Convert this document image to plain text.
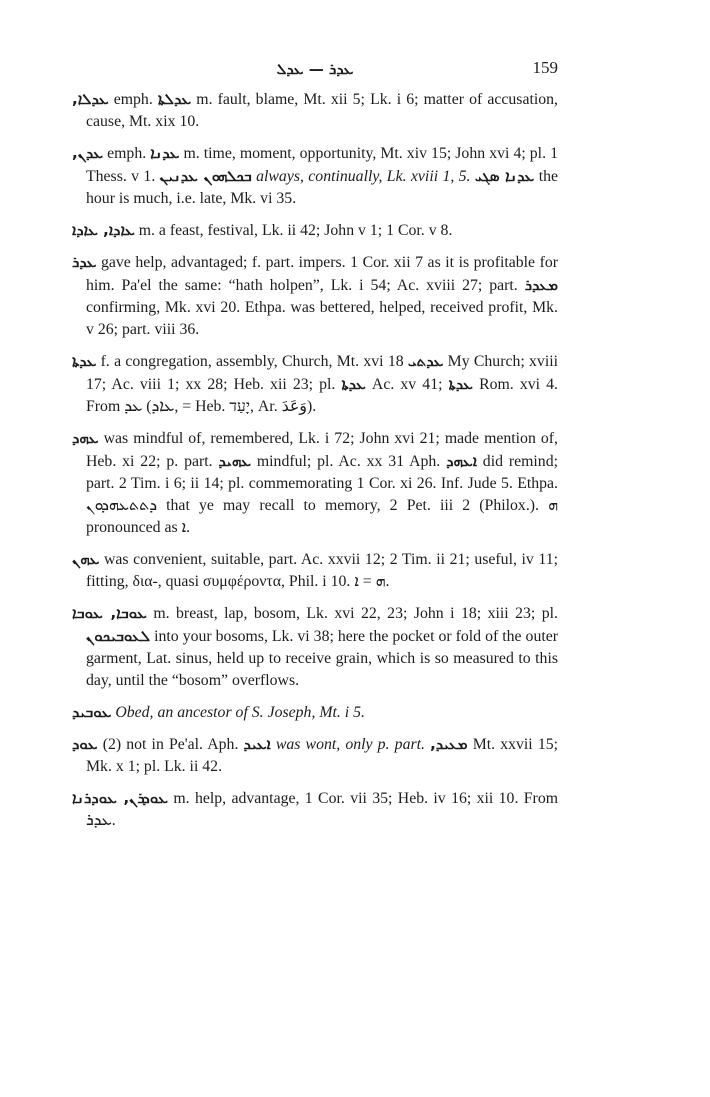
ܥܕܪ — ܥܕܠ	159

ܥܕܠܐ, emph. ܥܕܠܬܐ m. fault, blame, Mt. xii 5; Lk. i 6; matter of accusation, cause, Mt. xix 10.

ܥܕܢ, emph. ܥܕܢܐ m. time, moment, opportunity, Mt. xiv 15; John xvi 4; pl. 1 Thess. v 1. ܒܟܠܗܘܢ ܥܕܢܝܢ always, continually, Lk. xviii 1, 5. ܥܕܢܐ ܣܓܝ the hour is much, i.e. late, Mk. vi 35.

ܥܐܕܐ, ܥܐܕܐ m. a feast, festival, Lk. ii 42; John v 1; 1 Cor. v 8.

ܥܕܪ gave help, advantaged; f. part. impers. 1 Cor. xii 7 as it is profitable for him. Pa'el the same: “hath holpen”, Lk. i 54; Ac. xviii 27; part. ܡܥܕܪ confirming, Mk. xvi 20. Ethpa. was bettered, helped, received profit, Mk. v 26; part. viii 36.

ܥܕܬܐ f. a congregation, assembly, Church, Mt. xvi 18 ܥܕܬܝ My Church; xviii 17; Ac. viii 1; xx 28; Heb. xii 23; pl. ܥܕܬܐ Ac. xv 41; ܥܕܬܐ Rom. xvi 4. From ܥܕ (ܥܐܕ, = Heb. יָעַד, Ar. وَعَدَ).

ܥܗܕ was mindful of, remembered, Lk. i 72; John xvi 21; made mention of, Heb. xi 22; p. part. ܥܗܝܕ mindful; pl. Ac. xx 31 Aph. ܐܥܗܕ did remind; part. 2 Tim. i 6; ii 14; pl. commemorating 1 Cor. xi 26. Inf. Jude 5. Ethpa. ܕܬܬܥܗܕܘܢ that ye may recall to memory, 2 Pet. iii 2 (Philox.). ܗ pronounced as ܐ.

ܥܗܢ was convenient, suitable, part. Ac. xxvii 12; 2 Tim. ii 21; useful, iv 11; fitting, δια-, quasi συμφέροντα, Phil. i 10. ܗ = ܐ.

ܥܘܒܐ, ܥܘܒܐ m. breast, lap, bosom, Lk. xvi 22, 23; John i 18; xiii 23; pl. ܠܥܘܒܝܟܘܢ into your bosoms, Lk. vi 38; here the pocket or fold of the outer garment, Lat. sinus, held up to receive grain, which is so measured to this day, until the “bosom” overflows.

ܥܘܒܝܕ Obed, an ancestor of S. Joseph, Mt. i 5.

ܥܘܕ (2) not in Pe'al. Aph. ܐܥܝܕ was wont, only p. part. ܡܥܝܕ, Mt. xxvii 15; Mk. x 1; pl. Lk. ii 42.

ܥܘܕܪܢ, ܥܘܕܪܢܐ m. help, advantage, 1 Cor. vii 35; Heb. iv 16; xii 10. From ܥܕܪ.
